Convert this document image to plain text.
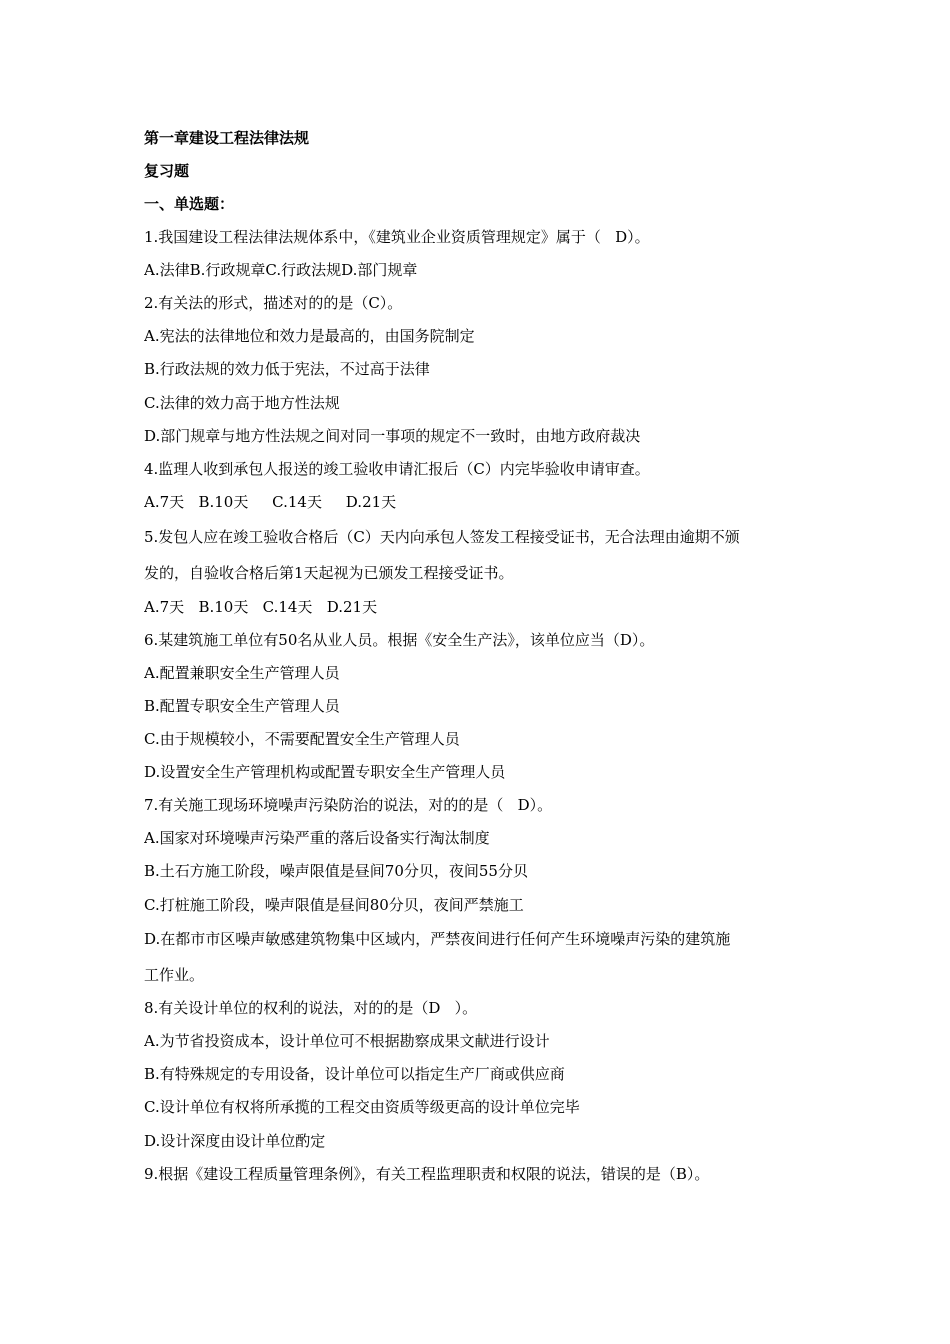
第一章建设工程法律法规
复习题
一、单选题：
1.我国建设工程法律法规体系中，《建筑业企业资质管理规定》属于（   D）。
A.法律B.行政规章C.行政法规D.部门规章
2.有关法的形式，描述对的的是（C）。
A.宪法的法律地位和效力是最高的，由国务院制定
B.行政法规的效力低于宪法，不过高于法律
C.法律的效力高于地方性法规
D.部门规章与地方性法规之间对同一事项的规定不一致时，由地方政府裁决
4.监理人收到承包人报送的竣工验收申请汇报后（C）内完毕验收申请审查。
A.7天   B.10天     C.14天     D.21天
5.发包人应在竣工验收合格后（C）天内向承包人签发工程接受证书，无合法理由逾期不颁
发的，自验收合格后第1天起视为已颁发工程接受证书。
A.7天   B.10天   C.14天   D.21天
6.某建筑施工单位有50名从业人员。根据《安全生产法》，该单位应当（D）。
A.配置兼职安全生产管理人员
B.配置专职安全生产管理人员
C.由于规模较小，不需要配置安全生产管理人员
D.设置安全生产管理机构或配置专职安全生产管理人员
7.有关施工现场环境噪声污染防治的说法，对的的是（   D）。
A.国家对环境噪声污染严重的落后设备实行淘汰制度
B.土石方施工阶段，噪声限值是昼间70分贝，夜间55分贝
C.打桩施工阶段，噪声限值是昼间80分贝，夜间严禁施工
D.在都市市区噪声敏感建筑物集中区域内，严禁夜间进行任何产生环境噪声污染的建筑施
工作业。
8.有关设计单位的权利的说法，对的的是（D   ）。
A.为节省投资成本，设计单位可不根据勘察成果文献进行设计
B.有特殊规定的专用设备，设计单位可以指定生产厂商或供应商
C.设计单位有权将所承揽的工程交由资质等级更高的设计单位完毕
D.设计深度由设计单位酌定
9.根据《建设工程质量管理条例》，有关工程监理职责和权限的说法，错误的是（B）。
